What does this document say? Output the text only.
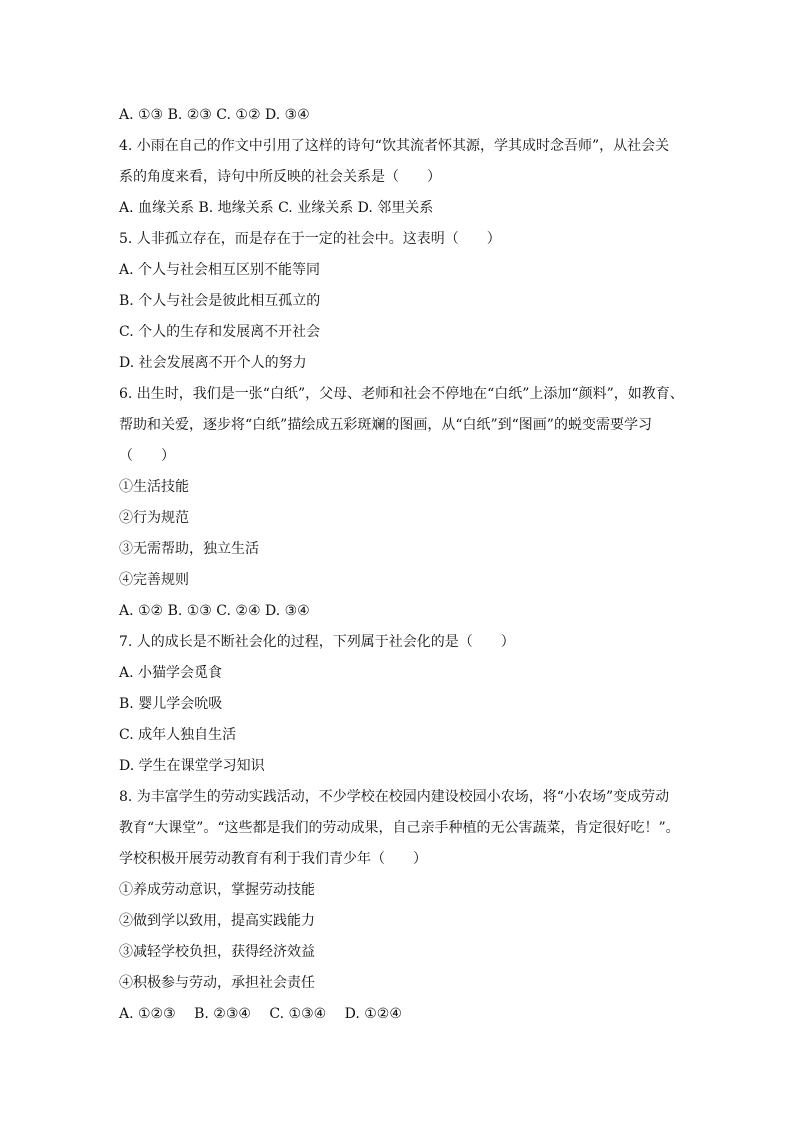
A. ①③ B. ②③ C. ①② D. ③④
4. 小雨在自己的作文中引用了这样的诗句“饮其流者怀其源，学其成时念吾师”，从社会关
系的角度来看，诗句中所反映的社会关系是（　　）
A. 血缘关系 B. 地缘关系 C. 业缘关系 D. 邻里关系
5. 人非孤立存在，而是存在于一定的社会中。这表明（　　）
A. 个人与社会相互区别不能等同
B. 个人与社会是彼此相互孤立的
C. 个人的生存和发展离不开社会
D. 社会发展离不开个人的努力
6. 出生时，我们是一张“白纸”，父母、老师和社会不停地在“白纸”上添加“颜料”，如教育、
帮助和关爱，逐步将“白纸”描绘成五彩斑斓的图画，从“白纸”到“图画”的蜕变需要学习
（　　）
①生活技能
②行为规范
③无需帮助，独立生活
④完善规则
A. ①② B. ①③ C. ②④ D. ③④
7. 人的成长是不断社会化的过程，下列属于社会化的是（　　）
A. 小猫学会觅食
B. 婴儿学会吮吸
C. 成年人独自生活
D. 学生在课堂学习知识
8. 为丰富学生的劳动实践活动，不少学校在校园内建设校园小农场，将“小农场”变成劳动
教育“大课堂”。“这些都是我们的劳动成果，自己亲手种植的无公害蔬菜，肯定很好吃！”。
学校积极开展劳动教育有利于我们青少年（　　）
①养成劳动意识，掌握劳动技能
②做到学以致用，提高实践能力
③减轻学校负担，获得经济效益
④积极参与劳动，承担社会责任
A. ①②③　 B. ②③④　 C. ①③④　 D. ①②④
